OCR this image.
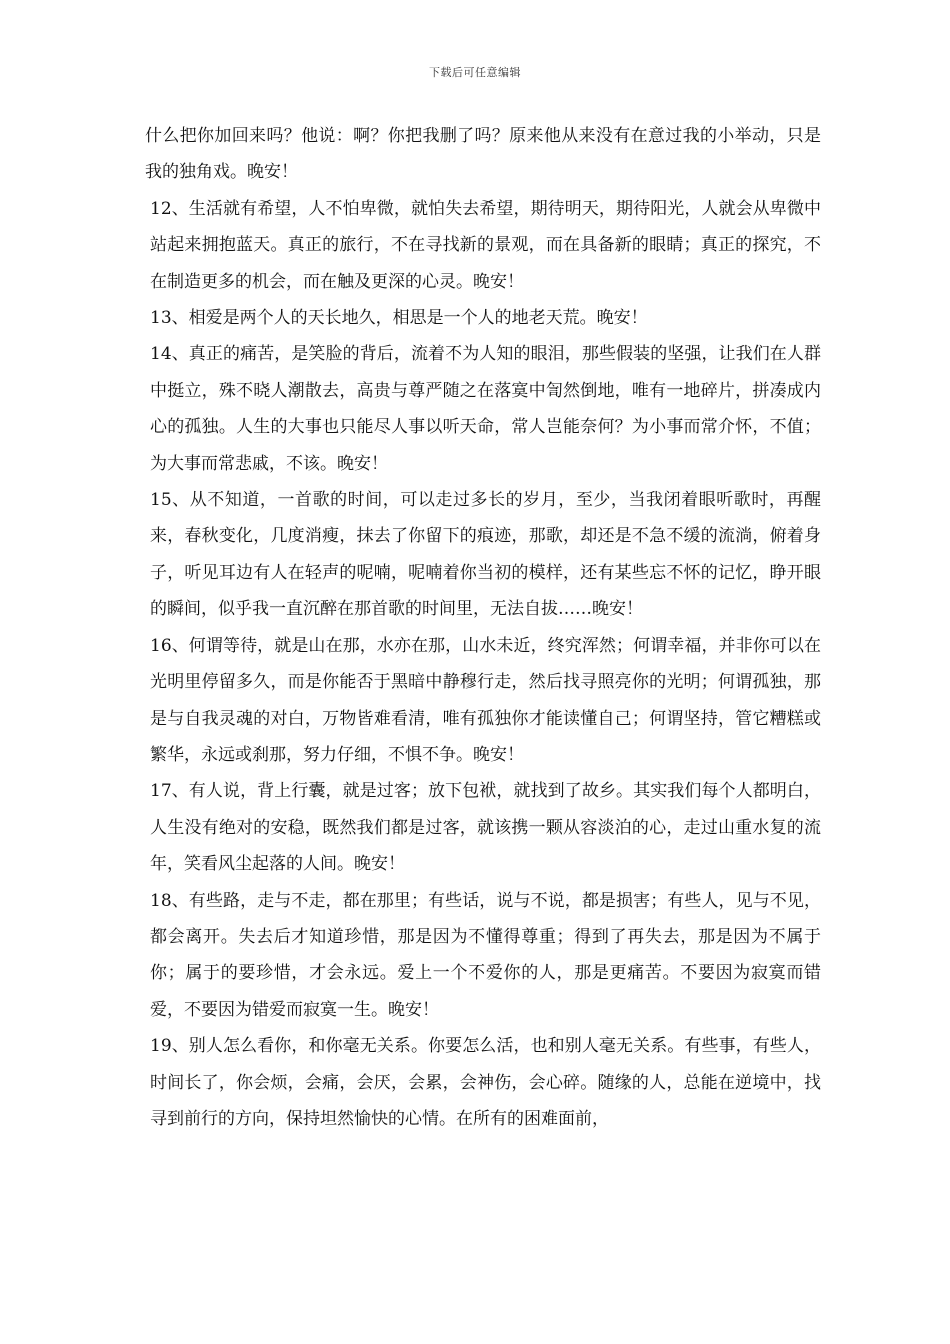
下载后可任意编辑

什么把你加回来吗？他说：啊？你把我删了吗？原来他从来没有在意过我的小举动，只是我的独角戏。晚安！

12、生活就有希望，人不怕卑微，就怕失去希望，期待明天，期待阳光，人就会从卑微中站起来拥抱蓝天。真正的旅行，不在寻找新的景观，而在具备新的眼睛；真正的探究，不在制造更多的机会，而在触及更深的心灵。晚安！

13、相爱是两个人的天长地久，相思是一个人的地老天荒。晚安！

14、真正的痛苦，是笑脸的背后，流着不为人知的眼泪，那些假装的坚强，让我们在人群中挺立，殊不晓人潮散去，高贵与尊严随之在落寞中訇然倒地，唯有一地碎片，拼凑成内心的孤独。人生的大事也只能尽人事以听天命，常人岂能奈何？为小事而常介怀，不值；为大事而常悲戚，不该。晚安！

15、从不知道，一首歌的时间，可以走过多长的岁月，至少，当我闭着眼听歌时，再醒来，春秋变化，几度消瘦，抹去了你留下的痕迹，那歌，却还是不急不缓的流淌，俯着身子，听见耳边有人在轻声的呢喃，呢喃着你当初的模样，还有某些忘不怀的记忆，睁开眼的瞬间，似乎我一直沉醉在那首歌的时间里，无法自拔……晚安！

16、何谓等待，就是山在那，水亦在那，山水未近，终究浑然；何谓幸福，并非你可以在光明里停留多久，而是你能否于黑暗中静穆行走，然后找寻照亮你的光明；何谓孤独，那是与自我灵魂的对白，万物皆难看清，唯有孤独你才能读懂自己；何谓坚持，管它糟糕或繁华，永远或刹那，努力仔细，不惧不争。晚安！

17、有人说，背上行囊，就是过客；放下包袱，就找到了故乡。其实我们每个人都明白，人生没有绝对的安稳，既然我们都是过客，就该携一颗从容淡泊的心，走过山重水复的流年，笑看风尘起落的人间。晚安！

18、有些路，走与不走，都在那里；有些话，说与不说，都是损害；有些人，见与不见，都会离开。失去后才知道珍惜，那是因为不懂得尊重；得到了再失去，那是因为不属于你；属于的要珍惜，才会永远。爱上一个不爱你的人，那是更痛苦。不要因为寂寞而错爱，不要因为错爱而寂寞一生。晚安！

19、别人怎么看你，和你毫无关系。你要怎么活，也和别人毫无关系。有些事，有些人，时间长了，你会烦，会痛，会厌，会累，会神伤，会心碎。随缘的人，总能在逆境中，找寻到前行的方向，保持坦然愉快的心情。在所有的困难面前，
